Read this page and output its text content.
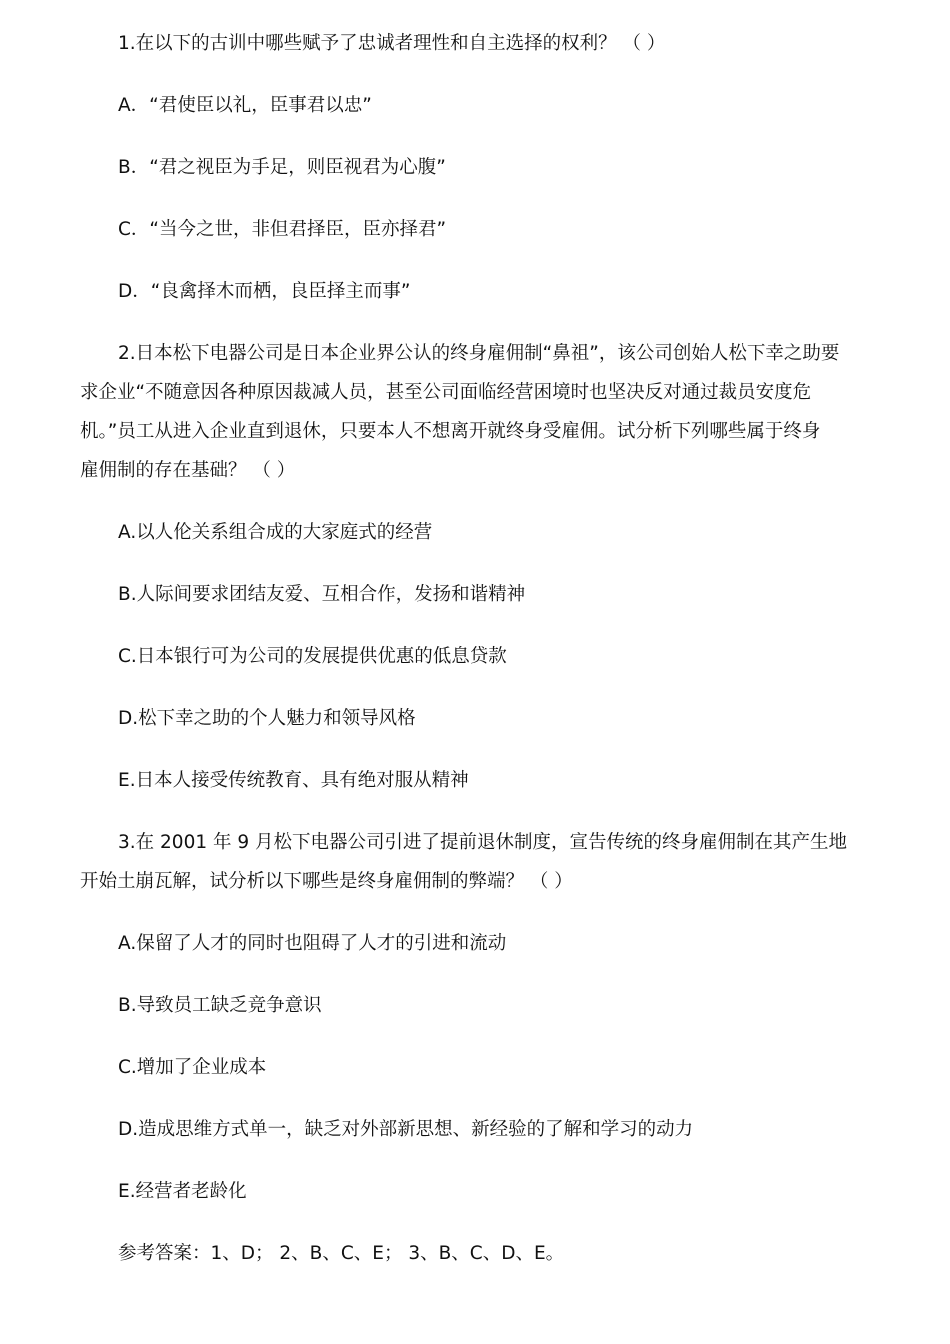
1.在以下的古训中哪些赋予了忠诚者理性和自主选择的权利？ （ ）
A．“君使臣以礼，臣事君以忠”
B．“君之视臣为手足，则臣视君为心腹”
C．“当今之世，非但君择臣，臣亦择君”
D．“良禽择木而栖，良臣择主而事”
2.日本松下电器公司是日本企业界公认的终身雇佣制“鼻祖”，该公司创始人松下幸之助要
求企业“不随意因各种原因裁减人员，甚至公司面临经营困境时也坚决反对通过裁员安度危
机。”员工从进入企业直到退休，只要本人不想离开就终身受雇佣。试分析下列哪些属于终身
雇佣制的存在基础？ （ ）
A.以人伦关系组合成的大家庭式的经营
B.人际间要求团结友爱、互相合作，发扬和谐精神
C.日本银行可为公司的发展提供优惠的低息贷款
D.松下幸之助的个人魅力和领导风格
E.日本人接受传统教育、具有绝对服从精神
3.在 2001 年 9 月松下电器公司引进了提前退休制度，宣告传统的终身雇佣制在其产生地
开始土崩瓦解，试分析以下哪些是终身雇佣制的弊端？ （ ）
A.保留了人才的同时也阻碍了人才的引进和流动
B.导致员工缺乏竞争意识
C.增加了企业成本
D.造成思维方式单一，缺乏对外部新思想、新经验的了解和学习的动力
E.经营者老龄化
参考答案：1、D； 2、B、C、E； 3、B、C、D、E。
